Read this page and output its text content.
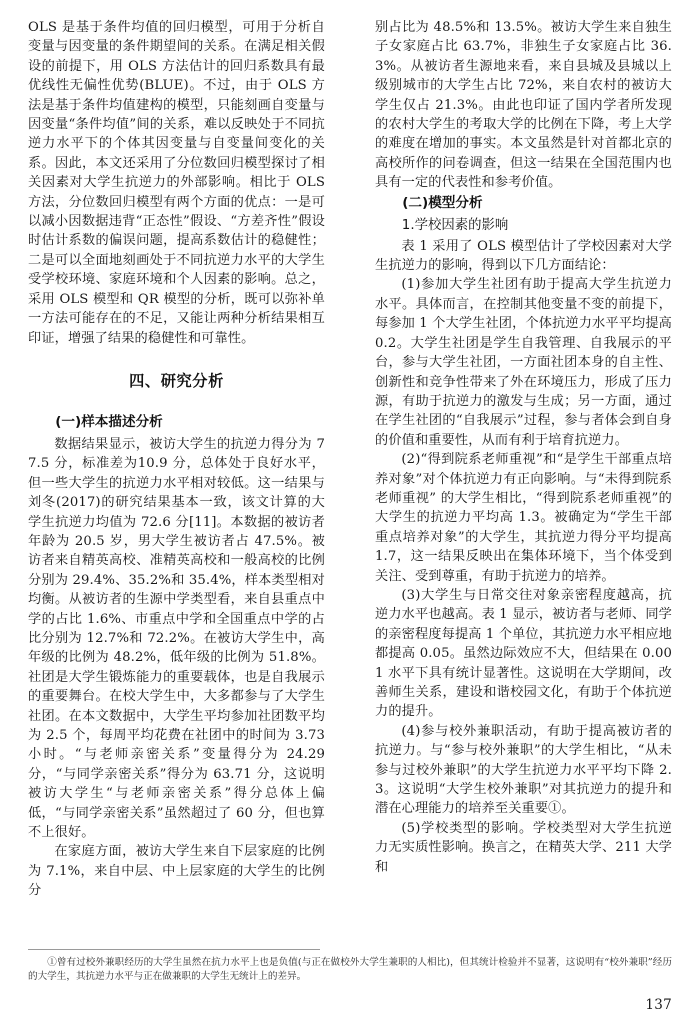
OLS 是基于条件均值的回归模型，可用于分析自变量与因变量的条件期望间的关系。在满足相关假设的前提下，用 OLS 方法估计的回归系数具有最优线性无偏性优势(BLUE)。不过，由于 OLS 方法是基于条件均值建构的模型，只能刻画自变量与因变量“条件均值”间的关系，难以反映处于不同抗逆力水平下的个体其因变量与自变量间变化的关系。因此，本文还采用了分位数回归模型探讨了相关因素对大学生抗逆力的外部影响。相比于 OLS 方法，分位数回归模型有两个方面的优点：一是可以减小因数据违背“正态性”假设、“方差齐性”假设时估计系数的偏误问题，提高系数估计的稳健性；二是可以全面地刻画处于不同抗逆力水平的大学生受学校环境、家庭环境和个人因素的影响。总之，采用 OLS 模型和 QR 模型的分析，既可以弥补单一方法可能存在的不足，又能让两种分析结果相互印证，增强了结果的稳健性和可靠性。

四、研究分析
(一)样本描述分析

数据结果显示，被访大学生的抗逆力得分为 77.5 分，标准差为10.9 分，总体处于良好水平，但一些大学生的抗逆力水平相对较低。这一结果与刘冬(2017)的研究结果基本一致，该文计算的大学生抗逆力均值为 72.6 分[11]。本数据的被访者年龄为 20.5 岁，男大学生被访者占 47.5%。被访者来自精英高校、准精英高校和一般高校的比例分别为 29.4%、35.2%和 35.4%，样本类型相对均衡。从被访者的生源中学类型看，来自县重点中学的占比 1.6%、市重点中学和全国重点中学的占比分别为 12.7%和 72.2%。在被访大学生中，高年级的比例为 48.2%，低年级的比例为 51.8%。社团是大学生锻炼能力的重要载体，也是自我展示的重要舞台。在校大学生中，大多都参与了大学生社团。在本文数据中，大学生平均参加社团数平均为 2.5 个，每周平均花费在社团中的时间为 3.73 小时。“与老师亲密关系”变量得分为 24.29 分，“与同学亲密关系”得分为 63.71 分，这说明被访大学生“与老师亲密关系”得分总体上偏低，“与同学亲密关系”虽然超过了 60 分，但也算不上很好。

在家庭方面，被访大学生来自下层家庭的比例为 7.1%，来自中层、中上层家庭的大学生的比例分

别占比为 48.5%和 13.5%。被访大学生来自独生子女家庭占比 63.7%，非独生子女家庭占比 36.3%。从被访者生源地来看，来自县城及县城以上级别城市的大学生占比 72%，来自农村的被访大学生仅占 21.3%。由此也印证了国内学者所发现的农村大学生的考取大学的比例在下降，考上大学的难度在增加的事实。本文虽然是针对首都北京的高校所作的问卷调查，但这一结果在全国范围内也具有一定的代表性和参考价值。

(二)模型分析
1.学校因素的影响

表 1 采用了 OLS 模型估计了学校因素对大学生抗逆力的影响，得到以下几方面结论：

(1)参加大学生社团有助于提高大学生抗逆力水平。具体而言，在控制其他变量不变的前提下，每参加 1 个大学生社团，个体抗逆力水平平均提高 0.2。大学生社团是学生自我管理、自我展示的平台，参与大学生社团，一方面社团本身的自主性、创新性和竞争性带来了外在环境压力，形成了压力源，有助于抗逆力的激发与生成；另一方面，通过在学生社团的“自我展示”过程，参与者体会到自身的价值和重要性，从而有利于培育抗逆力。

(2)“得到院系老师重视”和“是学生干部重点培养对象”对个体抗逆力有正向影响。与“未得到院系老师重视” 的大学生相比，“得到院系老师重视”的大学生的抗逆力平均高 1.3。被确定为“学生干部重点培养对象”的大学生，其抗逆力得分平均提高 1.7，这一结果反映出在集体环境下，当个体受到关注、受到尊重，有助于抗逆力的培养。

(3)大学生与日常交往对象亲密程度越高，抗逆力水平也越高。表 1 显示，被访者与老师、同学的亲密程度每提高 1 个单位，其抗逆力水平相应地都提高 0.05。虽然边际效应不大，但结果在 0.001 水平下具有统计显著性。这说明在大学期间，改善师生关系，建设和谐校园文化，有助于个体抗逆力的提升。

(4)参与校外兼职活动，有助于提高被访者的抗逆力。与“参与校外兼职”的大学生相比，“从未参与过校外兼职”的大学生抗逆力水平平均下降 2.3。这说明“大学生校外兼职”对其抗逆力的提升和潜在心理能力的培养至关重要①。

(5)学校类型的影响。学校类型对大学生抗逆力无实质性影响。换言之，在精英大学、211 大学和

①曾有过校外兼职经历的大学生虽然在抗力水平上也是负值(与正在做校外大学生兼职的人相比)，但其统计检验并不显著，这说明有“校外兼职”经历的大学生，其抗逆力水平与正在做兼职的大学生无统计上的差异。

137
